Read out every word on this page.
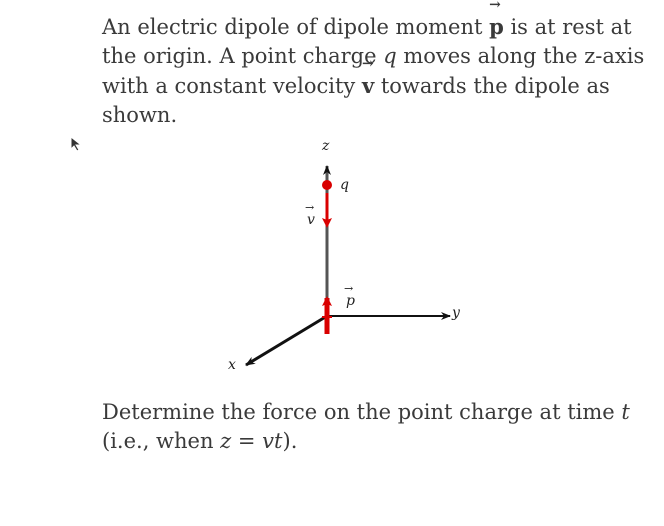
An electric dipole of dipole moment → p is at rest at
the origin. A point charge q moves along the z-axis
with a constant velocity → v towards the dipole as
shown.
z
q
→ v
→ p
y
x
Determine the force on the point charge at time t
(i.e., when z = vt).
